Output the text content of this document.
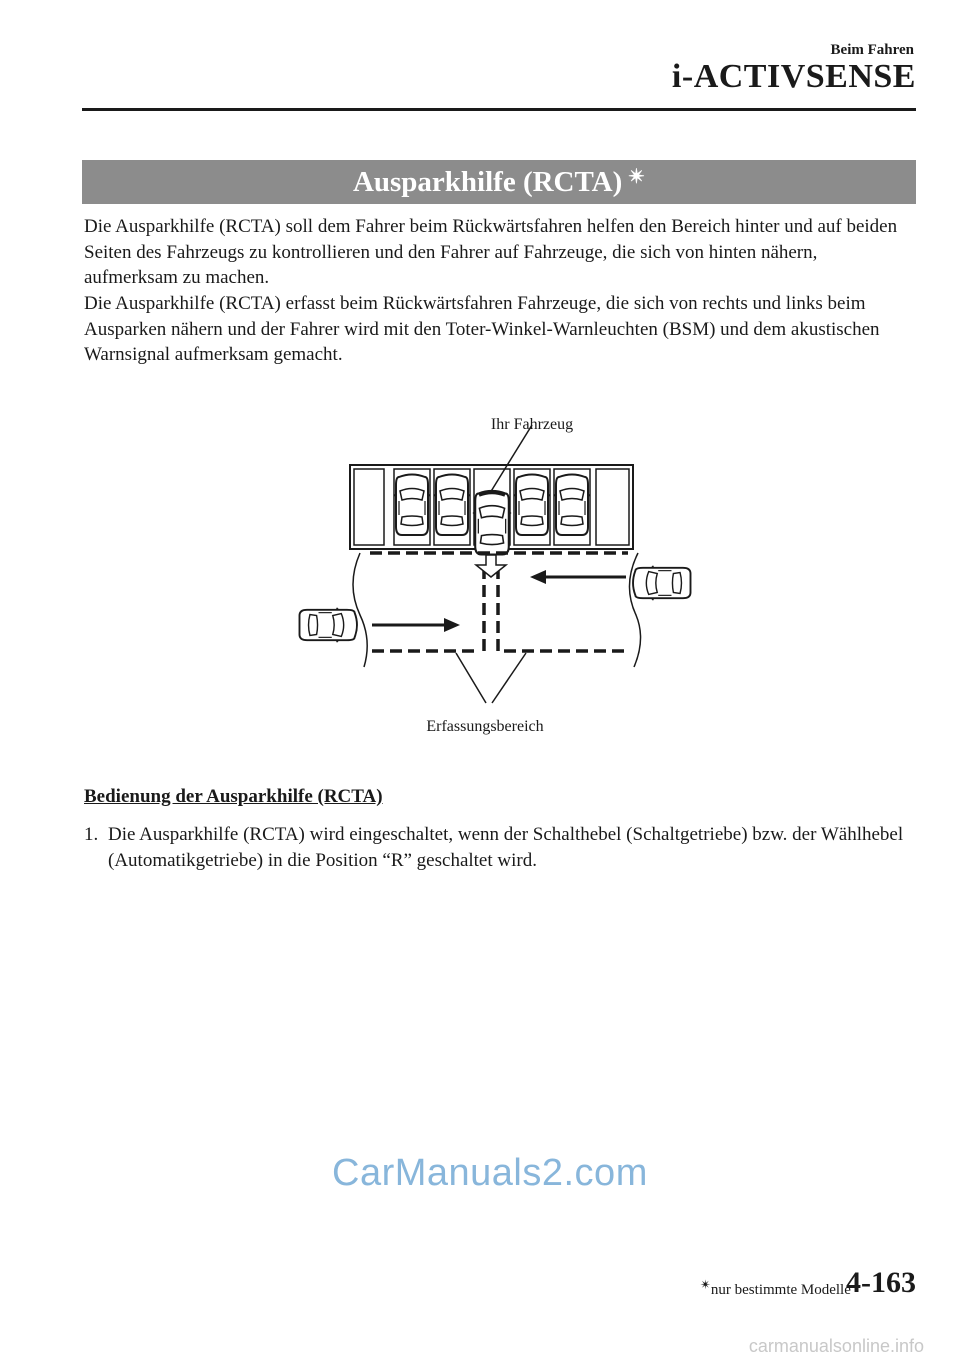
Beim Fahren
i-ACTIVSENSE
Ausparkhilfe (RCTA) ✴

Die Ausparkhilfe (RCTA) soll dem Fahrer beim Rückwärtsfahren helfen den Bereich hinter und auf beiden Seiten des Fahrzeugs zu kontrollieren und den Fahrer auf Fahrzeuge, die sich von hinten nähern, aufmerksam zu machen.

Die Ausparkhilfe (RCTA) erfasst beim Rückwärtsfahren Fahrzeuge, die sich von rechts und links beim Ausparken nähern und der Fahrer wird mit den Toter-Winkel-Warnleuchten (BSM) und dem akustischen Warnsignal aufmerksam gemacht.

Ihr Fahrzeug
Erfassungsbereich
Bedienung der Ausparkhilfe (RCTA)
1. Die Ausparkhilfe (RCTA) wird eingeschaltet, wenn der Schalthebel (Schaltgetriebe) bzw. der Wählhebel (Automatikgetriebe) in die Position “R” geschaltet wird.
CarManuals2.com
✴nur bestimmte Modelle
4-163
carmanualsonline.info
